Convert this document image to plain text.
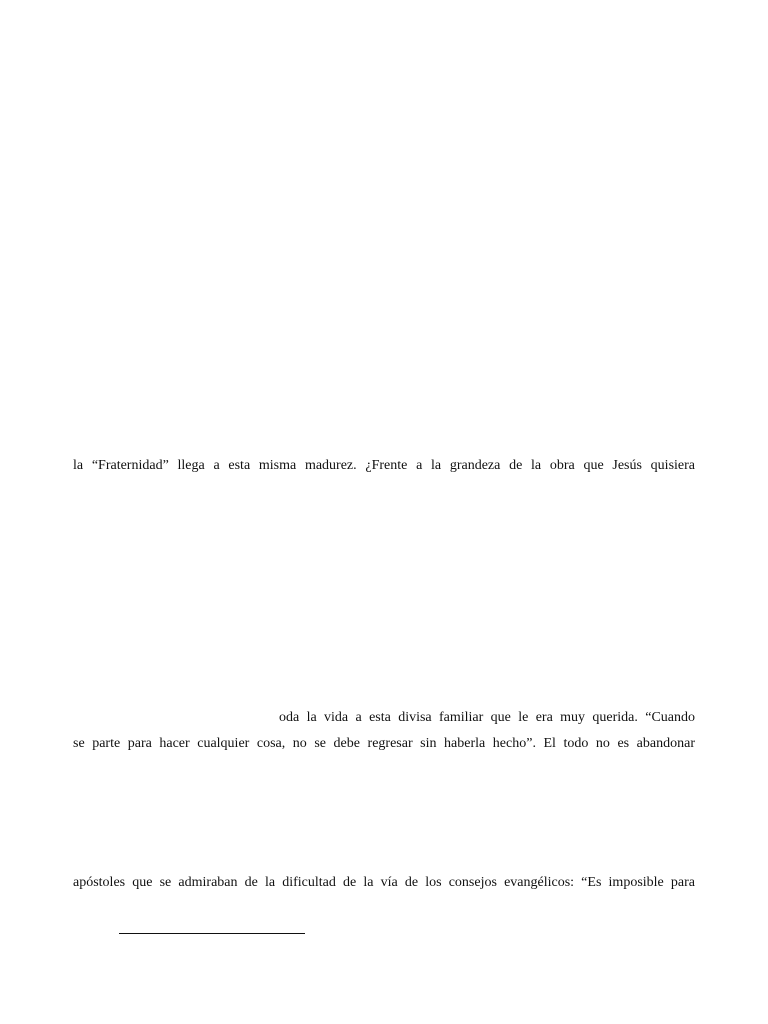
la “Fraternidad” llega a esta misma madurez. ¿Frente a la grandeza de la obra que Jesús quisiera
oda la vida a esta divisa familiar que le era muy querida. “Cuando
se parte para hacer cualquier cosa, no se debe regresar sin haberla hecho”. El todo no es abandonar
apóstoles que se admiraban de la dificultad de la vía de los consejos evangélicos: “Es imposible para
